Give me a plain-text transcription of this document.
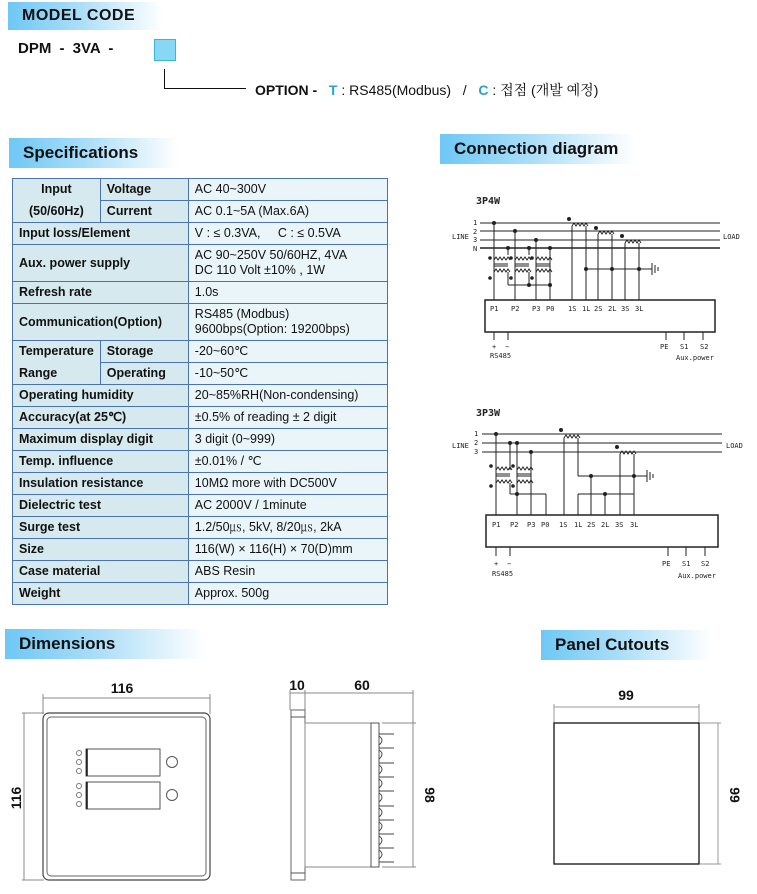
MODEL CODE
DPM - 3VA -
OPTION - T : RS485(Modbus) / C : 접점 (개발 예정)
Specifications
Input	Voltage	AC 40~300V
(50/60Hz)	Current	AC 0.1~5A (Max.6A)
Input loss/Element		V : ≤ 0.3VA,     C : ≤ 0.5VA
Aux. power supply		AC 90~250V 50/60HZ, 4VA
DC 110 Volt ±10% , 1W

Refresh rate		1.0s
Communication(Option)		RS485 (Modbus)
9600bps(Option: 19200bps)

Temperature	Storage	-20~60℃
Range	Operating	-10~50℃
Operating humidity		20~85%RH(Non-condensing)
Accuracy(at 25℃)		±0.5% of reading ± 2 digit
Maximum display digit		3 digit (0~999)
Temp. influence		±0.01% / ℃
Insulation resistance		10MΩ more with DC500V
Dielectric test		AC 2000V / 1minute
Surge test		1.2/50㎲, 5kV, 8/20㎲, 2kA
Size		116(W) × 116(H) × 70(D)mm
Case material		ABS Resin
Weight		Approx. 500g
Connection diagram
3P4W
LINE	LOAD
1
2
3
N
P1 P2 P3 P0 1S 1L 2S 2L 3S 3L
+ −
RS485
PE S1 S2
Aux.power
3P3W
LINE	LOAD
1
2
3
P1 P2 P3 P0 1S 1L 2S 2L 3S 3L
+ −
RS485
PE S1 S2
Aux.power
Dimensions
116
116
10	60
98
Panel Cutouts
99
99
